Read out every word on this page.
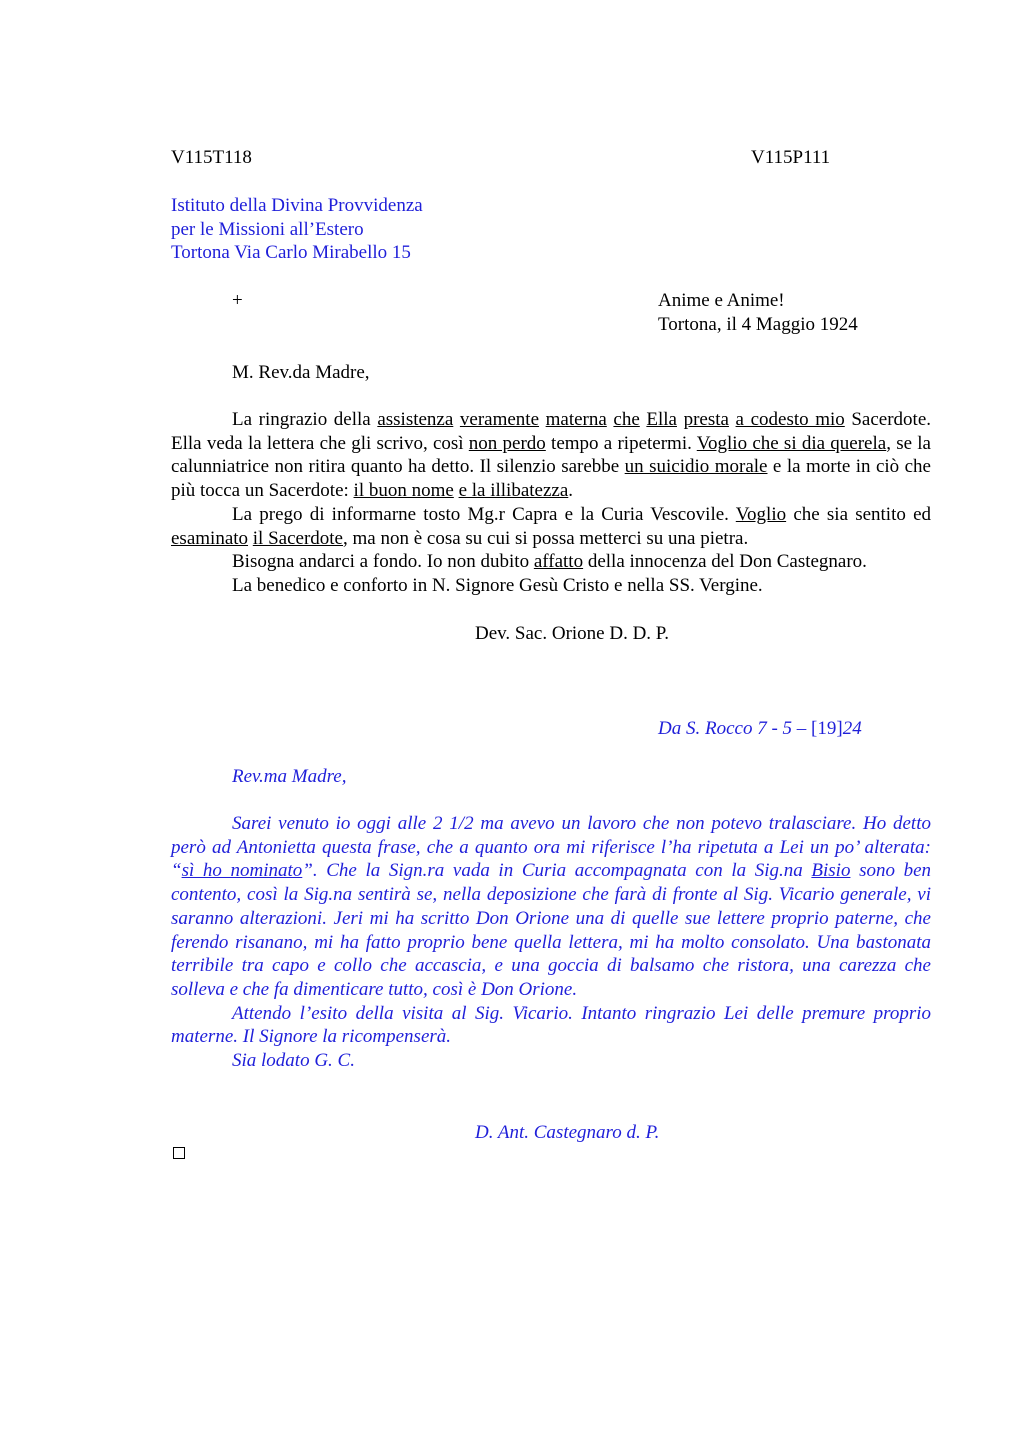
V115T118	V115P111
Istituto della Divina Provvidenza
per le Missioni all’Estero
Tortona Via Carlo Mirabello 15
+	Anime e Anime!
Tortona, il 4 Maggio 1924
M. Rev.da Madre,

La ringrazio della assistenza veramente materna che Ella presta a codesto mio Sacerdote. Ella veda la lettera che gli scrivo, così non perdo tempo a ripetermi. Voglio che si dia querela, se la calunniatrice non ritira quanto ha detto. Il silenzio sarebbe un suicidio morale e la morte in ciò che più tocca un Sacerdote: il buon nome e la illibatezza.

La prego di informarne tosto Mg.r Capra e la Curia Vescovile. Voglio che sia sentito ed esaminato il Sacerdote, ma non è cosa su cui si possa metterci su una pietra.

Bisogna andarci a fondo. Io non dubito affatto della innocenza del Don Castegnaro.

La benedico e conforto in N. Signore Gesù Cristo e nella SS. Vergine.

Dev. Sac. Orione D. D. P.
Da S. Rocco 7 - 5 – [19]24
Rev.ma Madre,

Sarei venuto io oggi alle 2 1/2 ma avevo un lavoro che non potevo tralasciare. Ho detto però ad Antonietta questa frase, che a quanto ora mi riferisce l’ha ripetuta a Lei un po’ alterata: “sì ho nominato”. Che la Sign.ra vada in Curia accompagnata con la Sig.na Bisio sono ben contento, così la Sig.na sentirà se, nella deposizione che farà di fronte al Sig. Vicario generale, vi saranno alterazioni. Jeri mi ha scritto Don Orione una di quelle sue lettere proprio paterne, che ferendo risanano, mi ha fatto proprio bene quella lettera, mi ha molto consolato. Una bastonata terribile tra capo e collo che accascia, e una goccia di balsamo che ristora, una carezza che solleva e che fa dimenticare tutto, così è Don Orione.

Attendo l’esito della visita al Sig. Vicario. Intanto ringrazio Lei delle premure proprio materne. Il Signore la ricompenserà.

Sia lodato G. C.

D. Ant. Castegnaro d. P.
